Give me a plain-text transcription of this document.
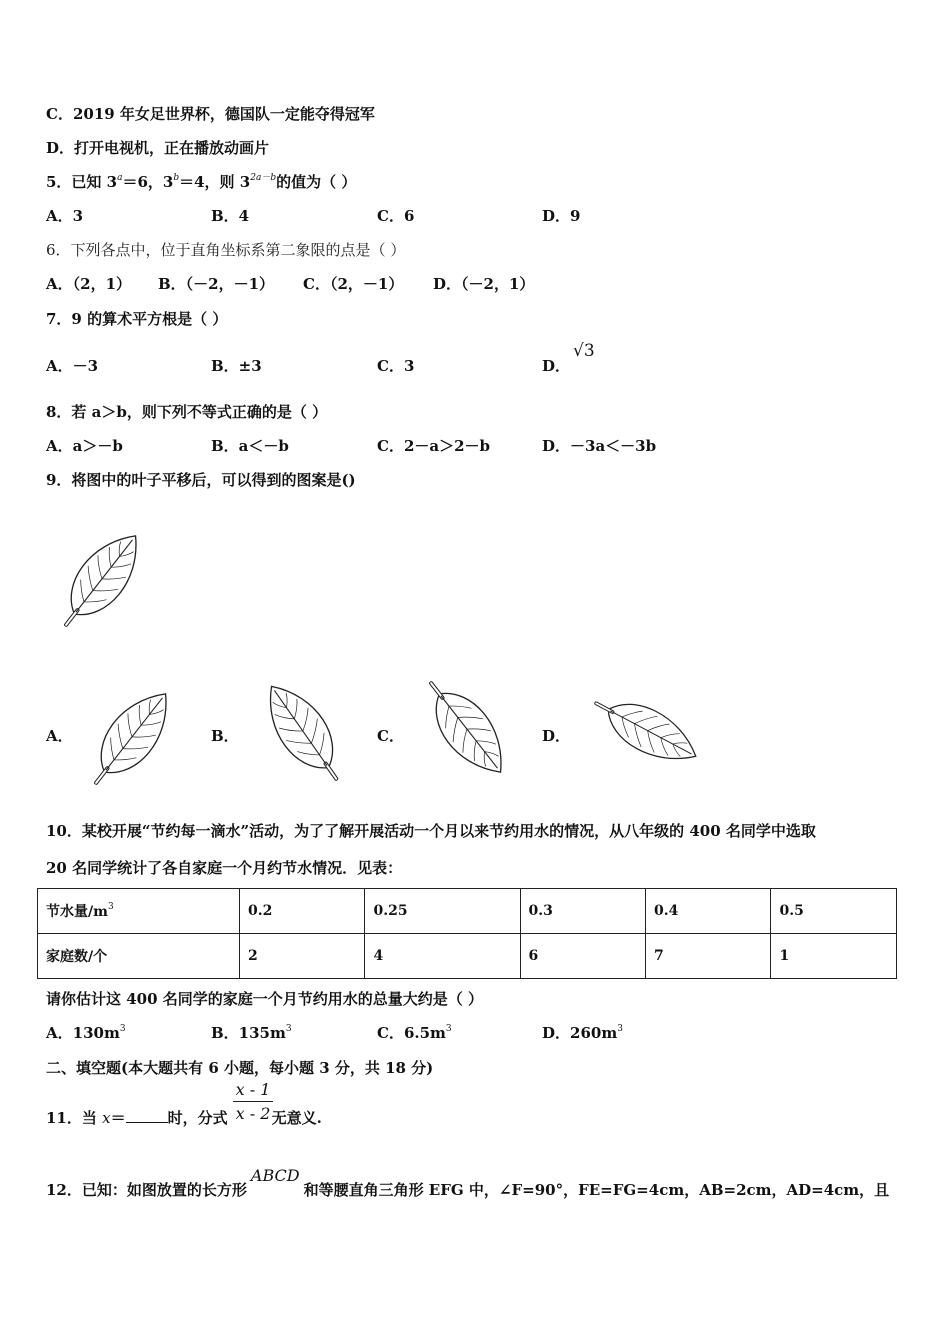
C．2019 年女足世界杯，德国队一定能夺得冠军
D．打开电视机，正在播放动画片
5．已知 $3^a=6$，$3^b=4$，则 $3^{2a-b}$的值为（ ）
A．3	B．4	C．6	D．9
6．下列各点中，位于直角坐标系第二象限的点是（ ）
A．（2，1） B．（－2，－1） C．（2，－1） D．（－2，1）
7．9 的算术平方根是（ ）
A．－3	B．±3	C．3	D．
√3
8．若 a＞b，则下列不等式正确的是（ ）
A．a＞－b	B．a＜－b	C．2－a＞2－b	D．－3a＜－3b
9．将图中的叶子平移后，可以得到的图案是()
A．	B．	C．	D．
10．某校开展“节约每一滴水”活动，为了了解开展活动一个月以来节约用水的情况，从八年级的 400 名同学中选取
20 名同学统计了各自家庭一个月约节水情况．见表：
节水量$/m^3$	0.2	0.25	0.3	0.4	0.5
家庭数/个	2	4	6	7	1
请你估计这 400 名同学的家庭一个月节约用水的总量大约是（ ）
A．$130m^3$	B．$135m^3$	C．$6.5m^3$	D．$260m^3$
二、填空题(本大题共有 6 小题，每小题 3 分，共 18 分)
11．当 x＝	时，分式	无意义.
$\frac{x - 1}{x - 2}$
12．已知：如图放置的长方形ABCD和等腰直角三角形 EFG 中，∠F=90°，FE=FG=4cm，AB=2cm，AD=4cm，且
